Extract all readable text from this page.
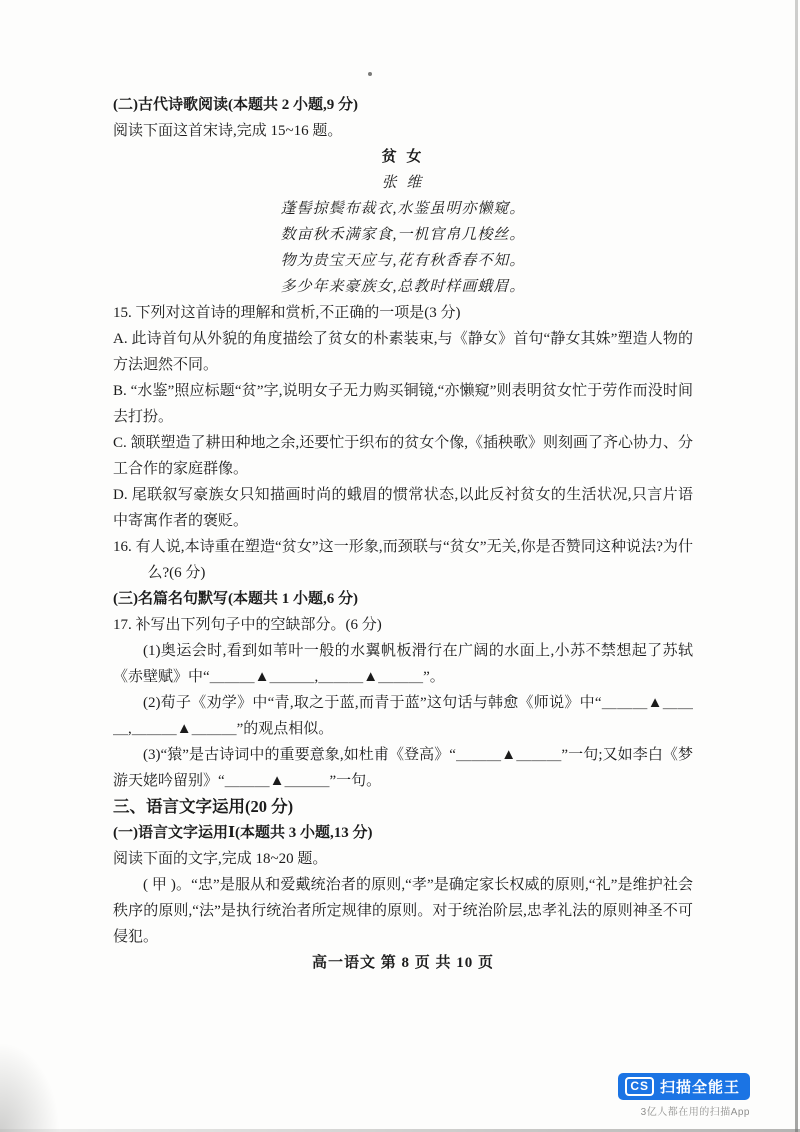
(二)古代诗歌阅读(本题共 2 小题,9 分)

阅读下面这首宋诗,完成 15~16 题。

贫 女

张 维

蓬髻掠鬓布裁衣,水鉴虽明亦懒窥。

数亩秋禾满家食,一机官帛几梭丝。

物为贵宝天应与,花有秋香春不知。

多少年来豪族女,总教时样画蛾眉。

15. 下列对这首诗的理解和赏析,不正确的一项是(3 分)

A. 此诗首句从外貌的角度描绘了贫女的朴素装束,与《静女》首句“静女其姝”塑造人物的方法迥然不同。

B. “水鉴”照应标题“贫”字,说明女子无力购买铜镜,“亦懒窥”则表明贫女忙于劳作而没时间去打扮。

C. 颔联塑造了耕田种地之余,还要忙于织布的贫女个像,《插秧歌》则刻画了齐心协力、分工合作的家庭群像。

D. 尾联叙写豪族女只知描画时尚的蛾眉的惯常状态,以此反衬贫女的生活状况,只言片语中寄寓作者的褒贬。

16. 有人说,本诗重在塑造“贫女”这一形象,而颈联与“贫女”无关,你是否赞同这种说法?为什么?(6 分)

(三)名篇名句默写(本题共 1 小题,6 分)

17. 补写出下列句子中的空缺部分。(6 分)

(1)奥运会时,看到如苇叶一般的水翼帆板滑行在广阔的水面上,小苏不禁想起了苏轼《赤壁赋》中“＿＿＿▲＿＿＿,＿＿＿▲＿＿＿”。

(2)荀子《劝学》中“青,取之于蓝,而青于蓝”这句话与韩愈《师说》中“＿＿＿▲＿＿＿,＿＿＿▲＿＿＿”的观点相似。

(3)“猿”是古诗词中的重要意象,如杜甫《登高》“＿＿＿▲＿＿＿”一句;又如李白《梦游天姥吟留别》“＿＿＿▲＿＿＿”一句。

三、语言文字运用(20 分)

(一)语言文字运用Ⅰ(本题共 3 小题,13 分)

阅读下面的文字,完成 18~20 题。

( 甲 )。“忠”是服从和爱戴统治者的原则,“孝”是确定家长权威的原则,“礼”是维护社会秩序的原则,“法”是执行统治者所定规律的原则。对于统治阶层,忠孝礼法的原则神圣不可侵犯。

高一语文 第 8 页 共 10 页

CS 扫描全能王
3亿人都在用的扫描App
